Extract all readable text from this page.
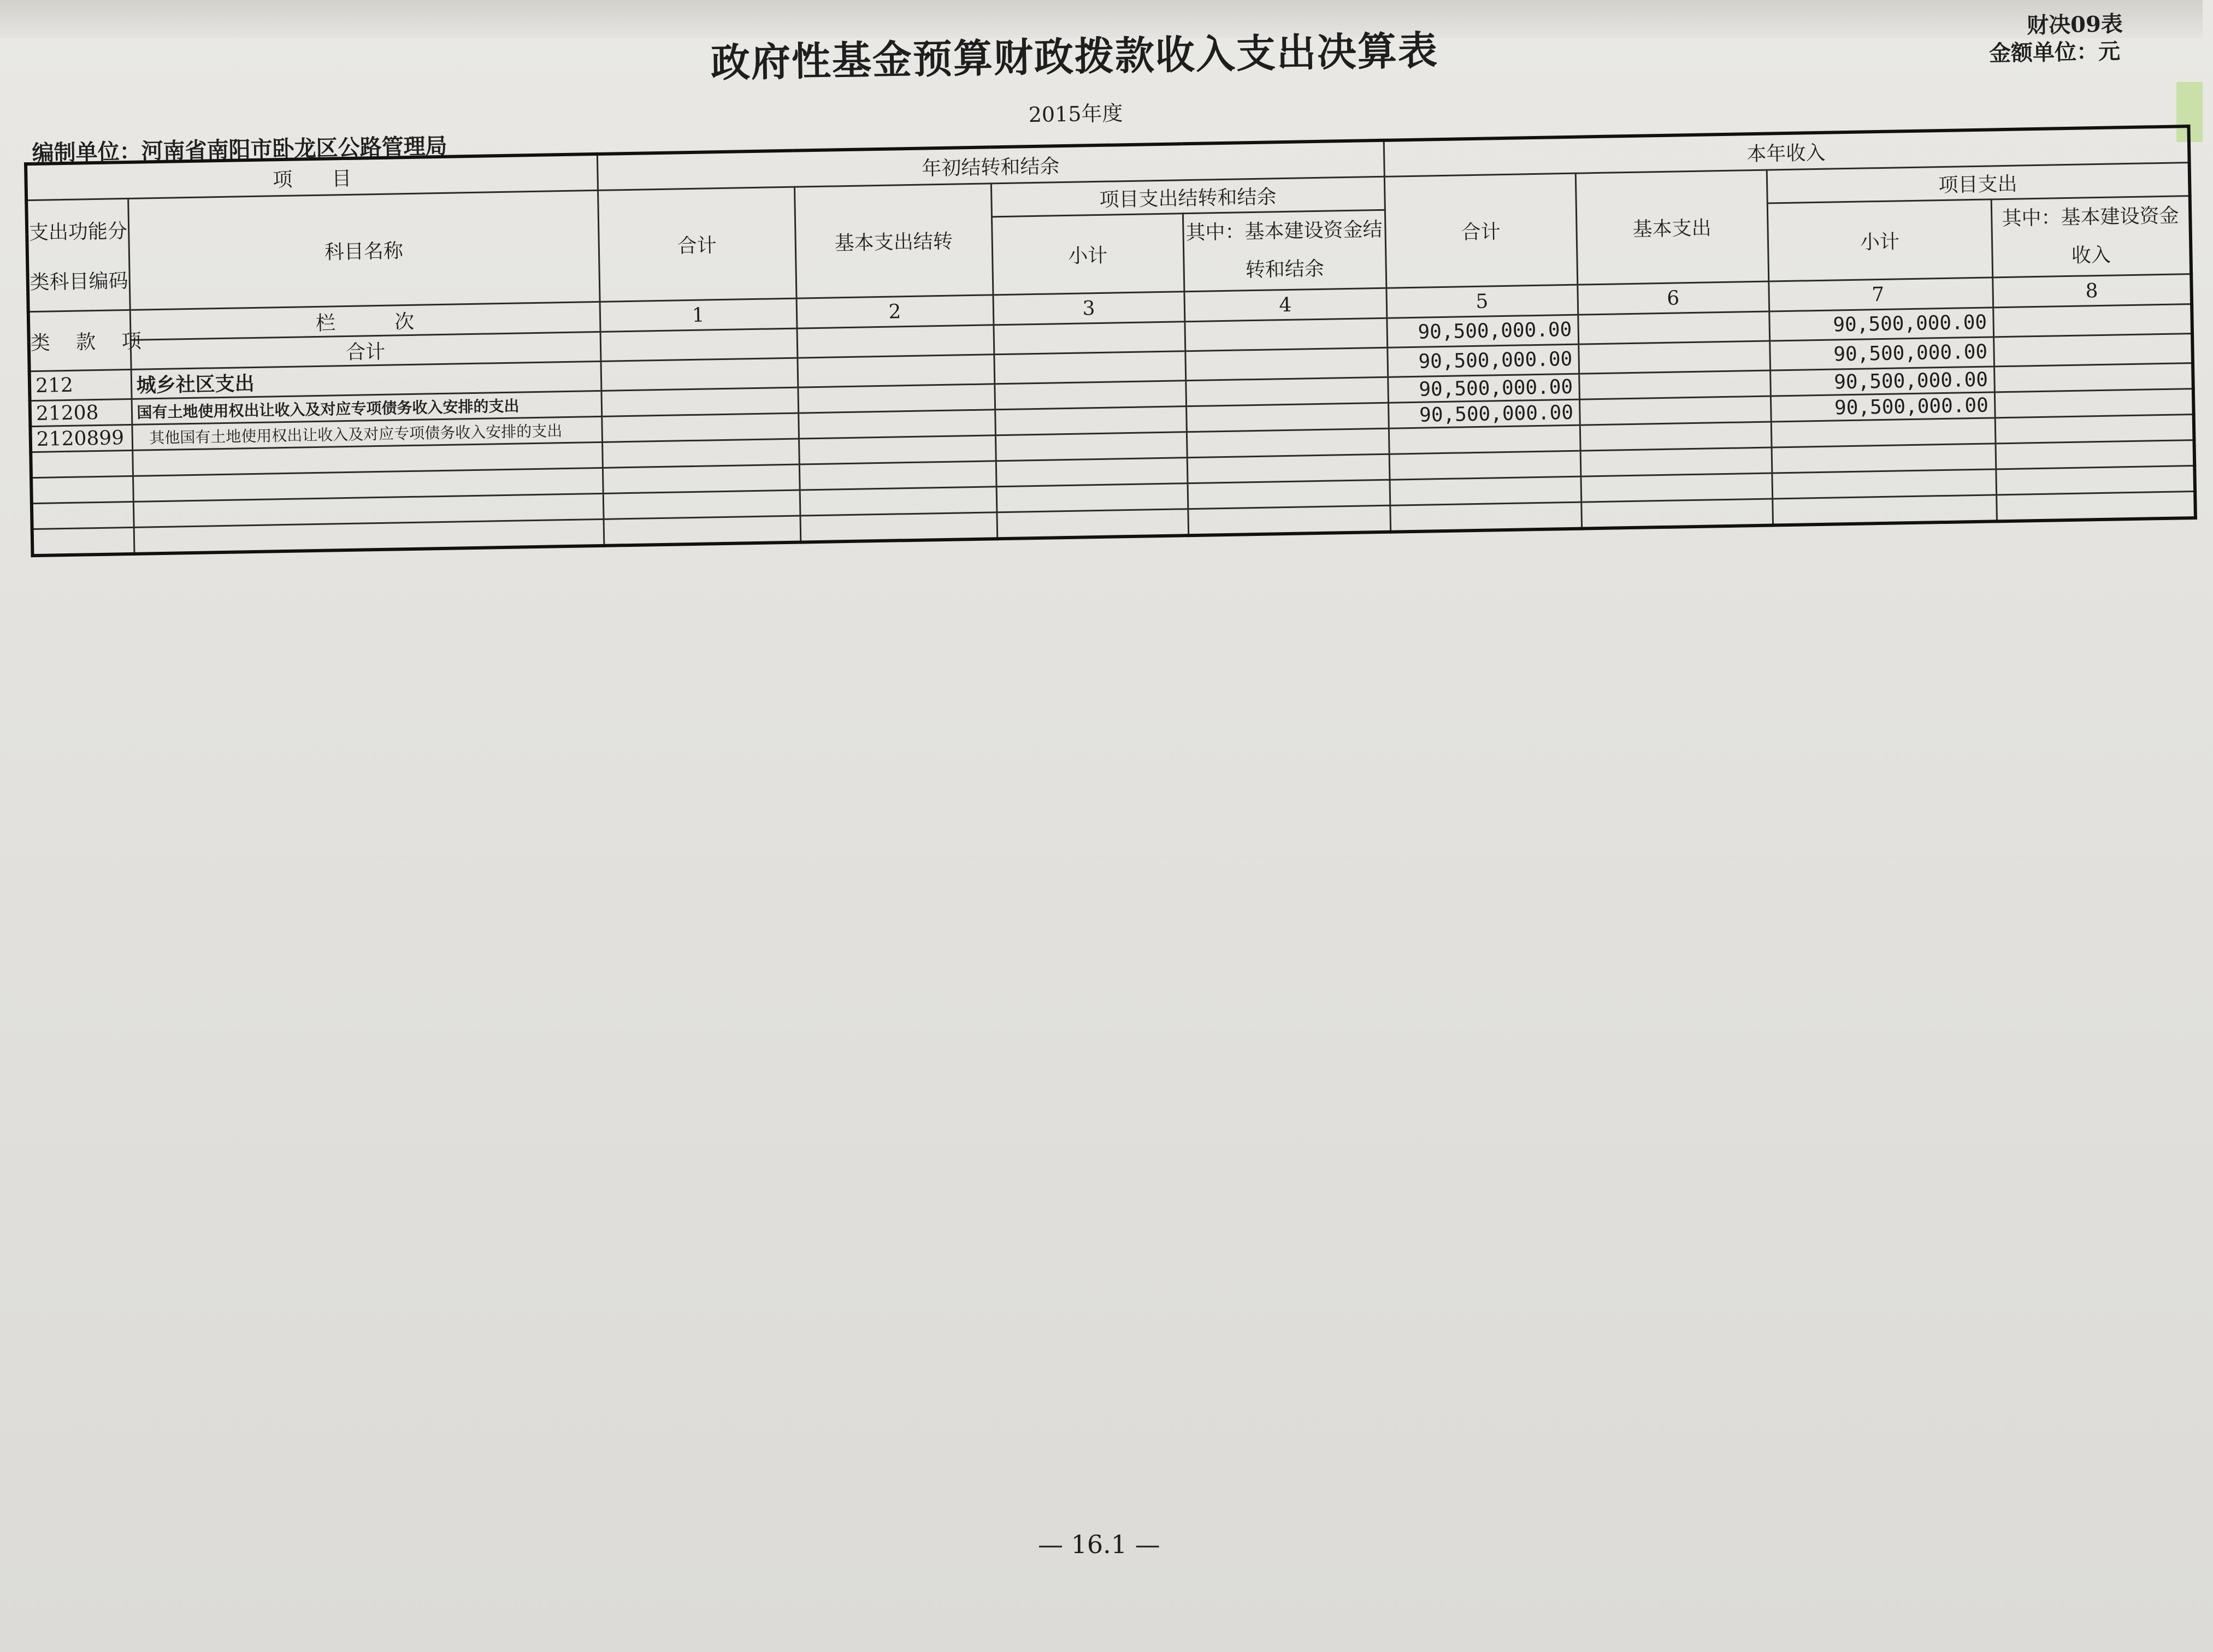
政府性基金预算财政拨款收入支出决算表
财决09表
金额单位：元
2015年度
编制单位：河南省南阳市卧龙区公路管理局
项　　目		年初结转和结余				本年收入			

支出功能分
类科目编码	科目名称	合计	基本支出结转	项目支出结转和结余		合计	基本支出	项目支出	
				小计	其中：基本建设资金结转和结余			小计	其中：基本建设资金收入
类　 款　 项	栏　　　次	1	2	3	4	5	6	7	8
	合计					90,500,000.00		90,500,000.00	
212	城乡社区支出					90,500,000.00		90,500,000.00	
21208	国有土地使用权出让收入及对应专项债务收入安排的支出					90,500,000.00		90,500,000.00	
2120899	其他国有土地使用权出让收入及对应专项债务收入安排的支出					90,500,000.00		90,500,000.00	

— 16.1 —
